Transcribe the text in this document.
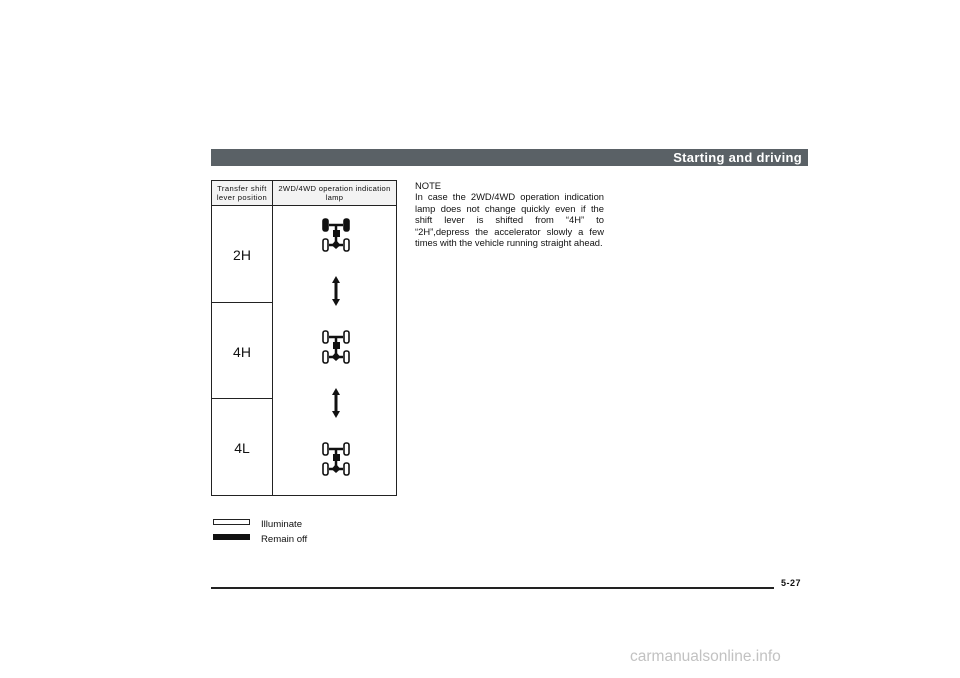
Starting and driving
Transfer shift lever position
2WD/4WD operation indication lamp
2H
4H
4L
NOTE
In case the 2WD/4WD operation indication lamp does not change quickly even if the shift lever is shifted from “4H” to “2H”,depress the accelerator slowly a few times with the vehicle running straight ahead.
Illuminate
Remain off
5-27
carmanualsonline.info
